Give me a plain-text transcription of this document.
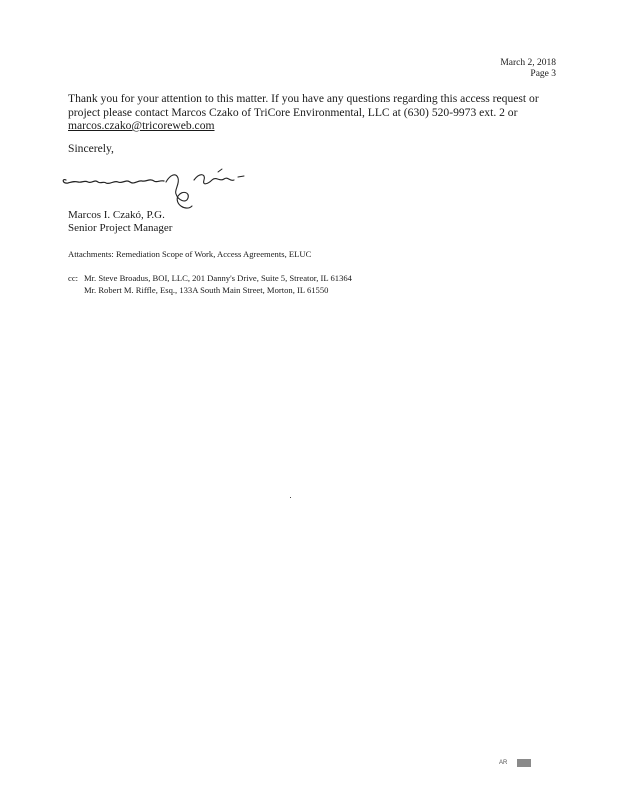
March 2, 2018
Page 3
Thank you for your attention to this matter. If you have any questions regarding this access request or project please contact Marcos Czako of TriCore Environmental, LLC at (630) 520-9973 ext. 2 or marcos.czako@tricoreweb.com
Sincerely,
Marcos I. Czakó, P.G.
Senior Project Manager
Attachments: Remediation Scope of Work, Access Agreements, ELUC
cc: Mr. Steve Broadus, BOI, LLC, 201 Danny's Drive, Suite 5, Streator, IL 61364
Mr. Robert M. Riffle, Esq., 133A South Main Street, Morton, IL 61550
AR
